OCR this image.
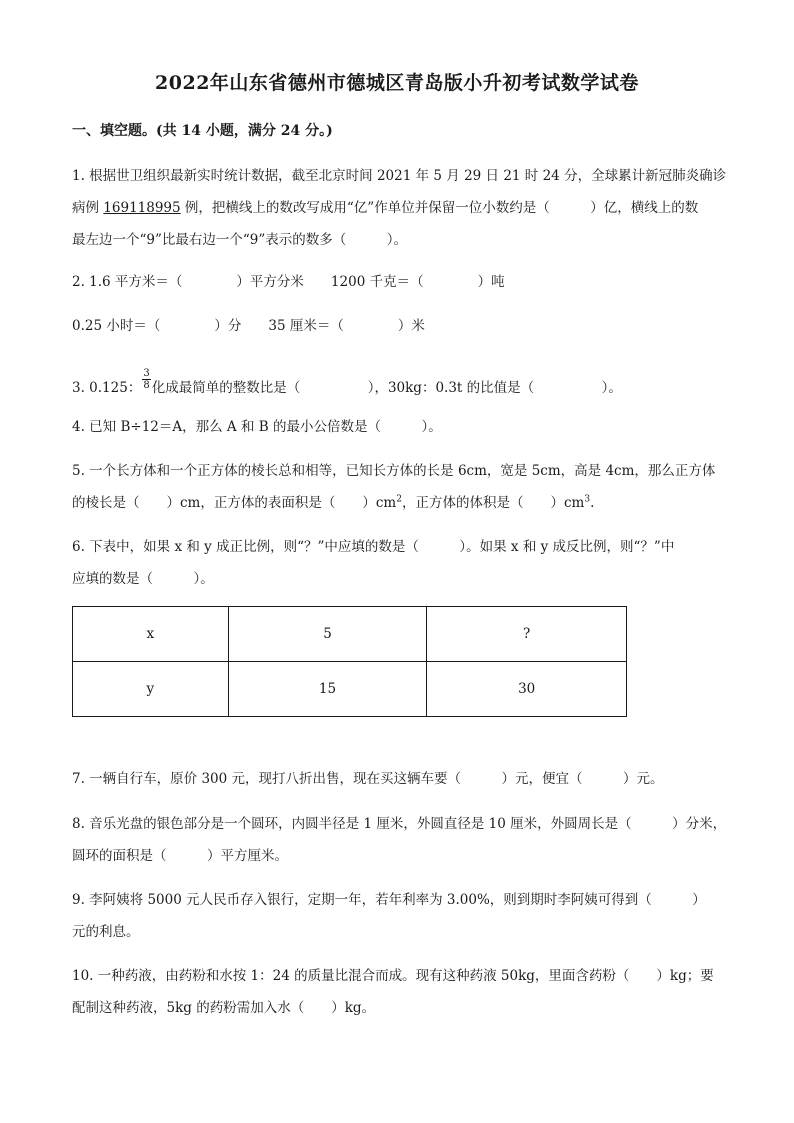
2022年山东省德州市德城区青岛版小升初考试数学试卷
一、填空题。(共 14 小题，满分 24 分。)
1. 根据世卫组织最新实时统计数据，截至北京时间 2021 年 5 月 29 日 21 时 24 分，全球累计新冠肺炎确诊
病例 169118995 例，把横线上的数改写成用“亿”作单位并保留一位小数约是（　　　）亿，横线上的数
最左边一个“9”比最右边一个“9”表示的数多（　　　）。
2. 1.6 平方米＝（　　　　）平方分米　　1200 千克＝（　　　　）吨
0.25 小时＝（　　　　）分　　35 厘米＝（　　　　）米
3. 0.125： $\frac{3}{8}$ 化成最简单的整数比是（　　　　　），30kg：0.3t 的比值是（　　　　　）。
4. 已知 B÷12＝A，那么 A 和 B 的最小公倍数是（　　　）。
5. 一个长方体和一个正方体的棱长总和相等，已知长方体的长是 6cm，宽是 5cm，高是 4cm，那么正方体
的棱长是（　　）cm，正方体的表面积是（　　）$cm^2$，正方体的体积是（　　）$cm^3$.
6. 下表中，如果 x 和 y 成正比例，则“？”中应填的数是（　　　）。如果 x 和 y 成反比例，则“？”中
应填的数是（　　　）。
x	5	?
y	15	30
7. 一辆自行车，原价 300 元，现打八折出售，现在买这辆车要（　　　）元，便宜（　　　）元。
8. 音乐光盘的银色部分是一个圆环，内圆半径是 1 厘米，外圆直径是 10 厘米，外圆周长是（　　　）分米，
圆环的面积是（　　　）平方厘米。
9. 李阿姨将 5000 元人民币存入银行，定期一年，若年利率为 3.00%，则到期时李阿姨可得到（　　　）
元的利息。
10. 一种药液，由药粉和水按 1：24 的质量比混合而成。现有这种药液 50kg，里面含药粉（　　）kg；要
配制这种药液，5kg 的药粉需加入水（　　）kg。
